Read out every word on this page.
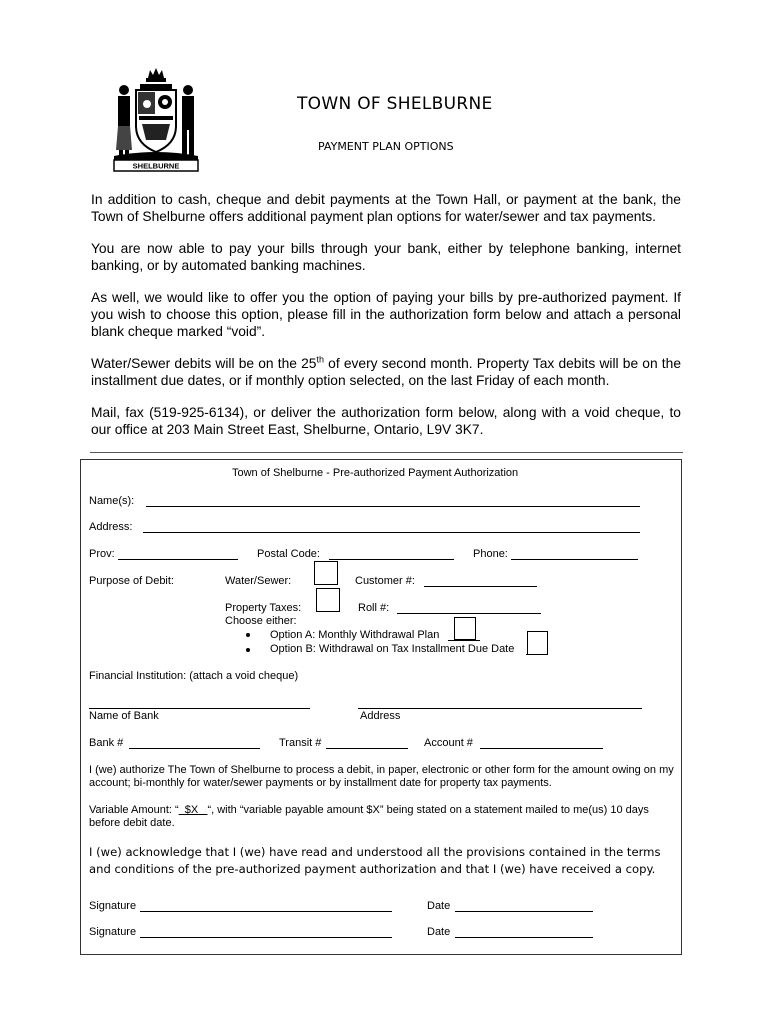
SHELBURNE
TOWN OF SHELBURNE
PAYMENT PLAN OPTIONS

In addition to cash, cheque and debit payments at the Town Hall, or payment at the bank, the Town of Shelburne offers additional payment plan options for water/sewer and tax payments.

You are now able to pay your bills through your bank, either by telephone banking, internet banking, or by automated banking machines.

As well, we would like to offer you the option of paying your bills by pre-authorized payment. If you wish to choose this option, please fill in the authorization form below and attach a personal blank cheque marked “void”.

Water/Sewer debits will be on the 25th of every second month. Property Tax debits will be on the installment due dates, or if monthly option selected, on the last Friday of each month.

Mail, fax (519-925-6134), or deliver the authorization form below, along with a void cheque, to our office at 203 Main Street East, Shelburne, Ontario, L9V 3K7.

Town of Shelburne - Pre-authorized Payment Authorization
Name(s):
Address:
Prov:	Postal Code:	Phone:
Purpose of Debit:	Water/Sewer:	Customer #:
Property Taxes:	Roll #:
Choose either:
Option A: Monthly Withdrawal Plan
Option B: Withdrawal on Tax Installment Due Date
Financial Institution: (attach a void cheque)
Name of Bank	Address
Bank #	Transit #	Account #

I (we) authorize The Town of Shelburne to process a debit, in paper, electronic or other form for the amount owing on my account; bi-monthly for water/sewer payments or by installment date for property tax payments.

Variable Amount: “  $X   “, with “variable payable amount $X” being stated on a statement mailed to me(us) 10 days before debit date.

I (we) acknowledge that I (we) have read and understood all the provisions contained in the terms and conditions of the pre-authorized payment authorization and that I (we) have received a copy.

Signature	Date
Signature	Date
